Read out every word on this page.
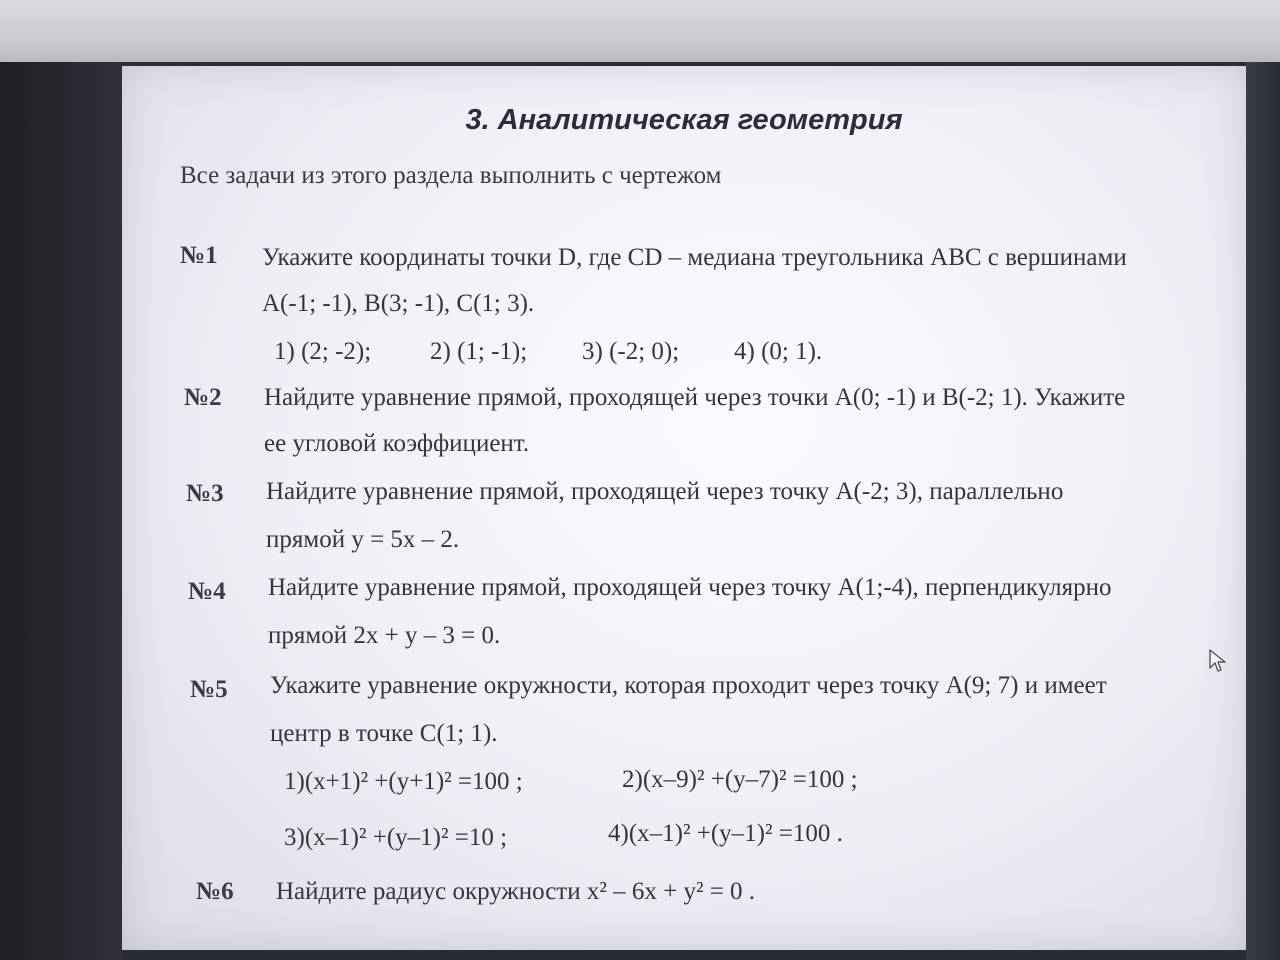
3. Аналитическая геометрия
Все задачи из этого раздела выполнить с чертежом
№1 Укажите координаты точки D, где CD – медиана треугольника ABC с вершинами
A(-1; -1), B(3; -1), C(1; 3).
1) (2; -2); 2) (1; -1); 3) (-2; 0); 4) (0; 1).
№2 Найдите уравнение прямой, проходящей через точки A(0; -1) и B(-2; 1). Укажите
ее угловой коэффициент.
№3 Найдите уравнение прямой, проходящей через точку A(-2; 3), параллельно
прямой y = 5x – 2.
№4 Найдите уравнение прямой, проходящей через точку A(1;-4), перпендикулярно
прямой 2x + y – 3 = 0.
№5 Укажите уравнение окружности, которая проходит через точку A(9; 7) и имеет
центр в точке C(1; 1).
1)(x+1)² +(y+1)² =100 ;	2)(x–9)² +(y–7)² =100 ;
3)(x–1)² +(y–1)² =10 ;	4)(x–1)² +(y–1)² =100 .
№6 Найдите радиус окружности x² – 6x + y² = 0 .
